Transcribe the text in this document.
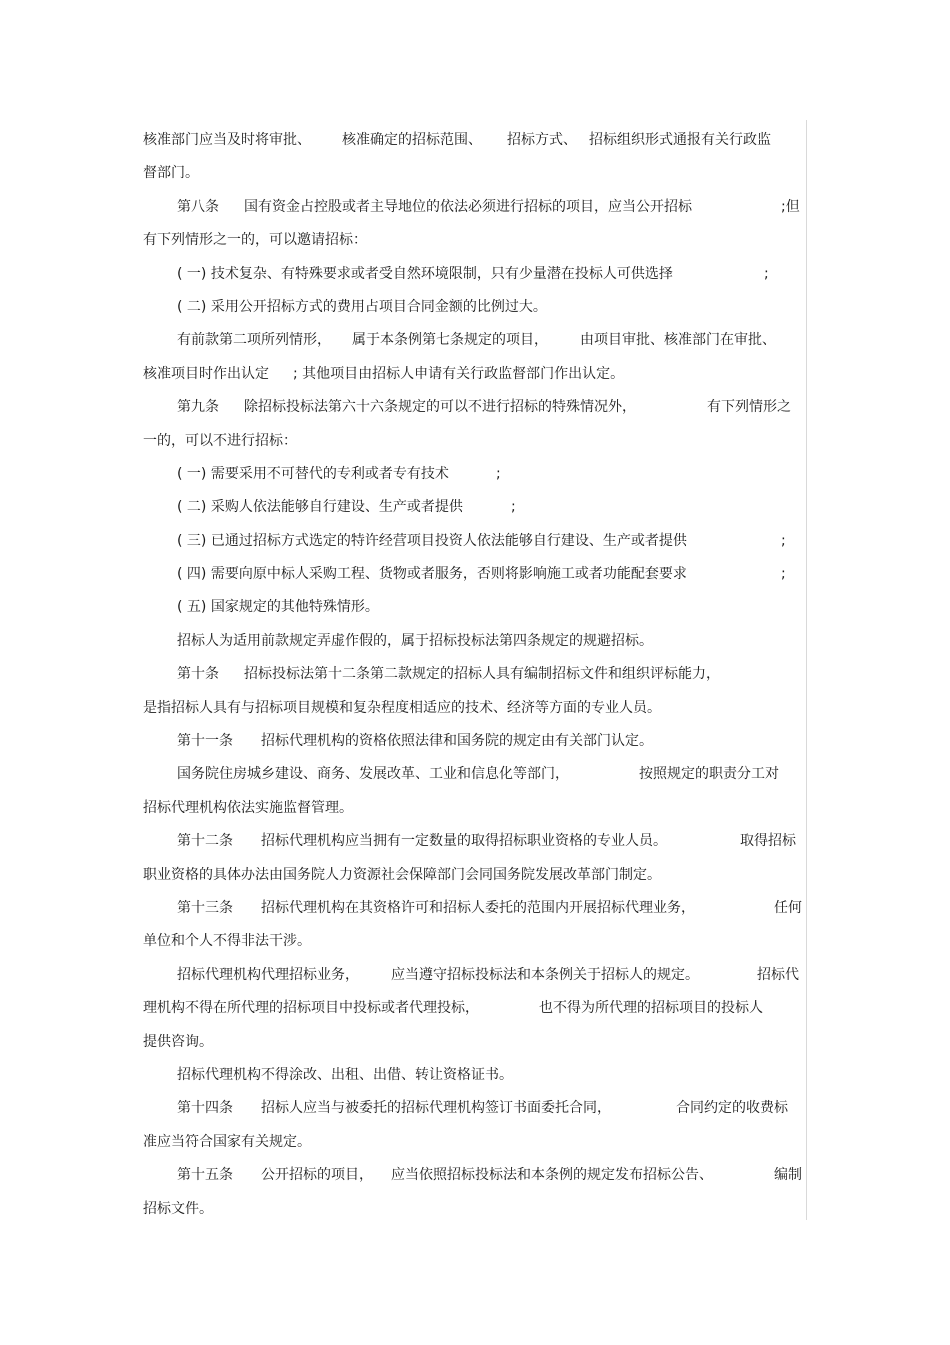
核准部门应当及时将审批、 核准确定的招标范围、 招标方式、 招标组织形式通报有关行政监
督部门。
第八条 国有资金占控股或者主导地位的依法必须进行招标的项目，应当公开招标	;但
有下列情形之一的，可以邀请招标：
( 一) 技术复杂、有特殊要求或者受自然环境限制，只有少量潜在投标人可供选择	;
( 二) 采用公开招标方式的费用占项目合同金额的比例过大。
有前款第二项所列情形， 属于本条例第七条规定的项目， 由项目审批、核准部门在审批、
核准项目时作出认定 ; 其他项目由招标人申请有关行政监督部门作出认定。
第九条 除招标投标法第六十六条规定的可以不进行招标的特殊情况外，	有下列情形之
一的，可以不进行招标：
( 一) 需要采用不可替代的专利或者专有技术	;
( 二) 采购人依法能够自行建设、生产或者提供	;
( 三) 已通过招标方式选定的特许经营项目投资人依法能够自行建设、生产或者提供	;
( 四) 需要向原中标人采购工程、货物或者服务，否则将影响施工或者功能配套要求	;
( 五) 国家规定的其他特殊情形。
招标人为适用前款规定弄虚作假的，属于招标投标法第四条规定的规避招标。
第十条 招标投标法第十二条第二款规定的招标人具有编制招标文件和组织评标能力，
是指招标人具有与招标项目规模和复杂程度相适应的技术、经济等方面的专业人员。
第十一条 招标代理机构的资格依照法律和国务院的规定由有关部门认定。
国务院住房城乡建设、商务、发展改革、工业和信息化等部门，	按照规定的职责分工对
招标代理机构依法实施监督管理。
第十二条 招标代理机构应当拥有一定数量的取得招标职业资格的专业人员。	取得招标
职业资格的具体办法由国务院人力资源社会保障部门会同国务院发展改革部门制定。
第十三条 招标代理机构在其资格许可和招标人委托的范围内开展招标代理业务，	任何
单位和个人不得非法干涉。
招标代理机构代理招标业务， 应当遵守招标投标法和本条例关于招标人的规定。	招标代
理机构不得在所代理的招标项目中投标或者代理投标，	也不得为所代理的招标项目的投标人
提供咨询。
招标代理机构不得涂改、出租、出借、转让资格证书。
第十四条 招标人应当与被委托的招标代理机构签订书面委托合同，	合同约定的收费标
准应当符合国家有关规定。
第十五条 公开招标的项目， 应当依照招标投标法和本条例的规定发布招标公告、	编制
招标文件。
